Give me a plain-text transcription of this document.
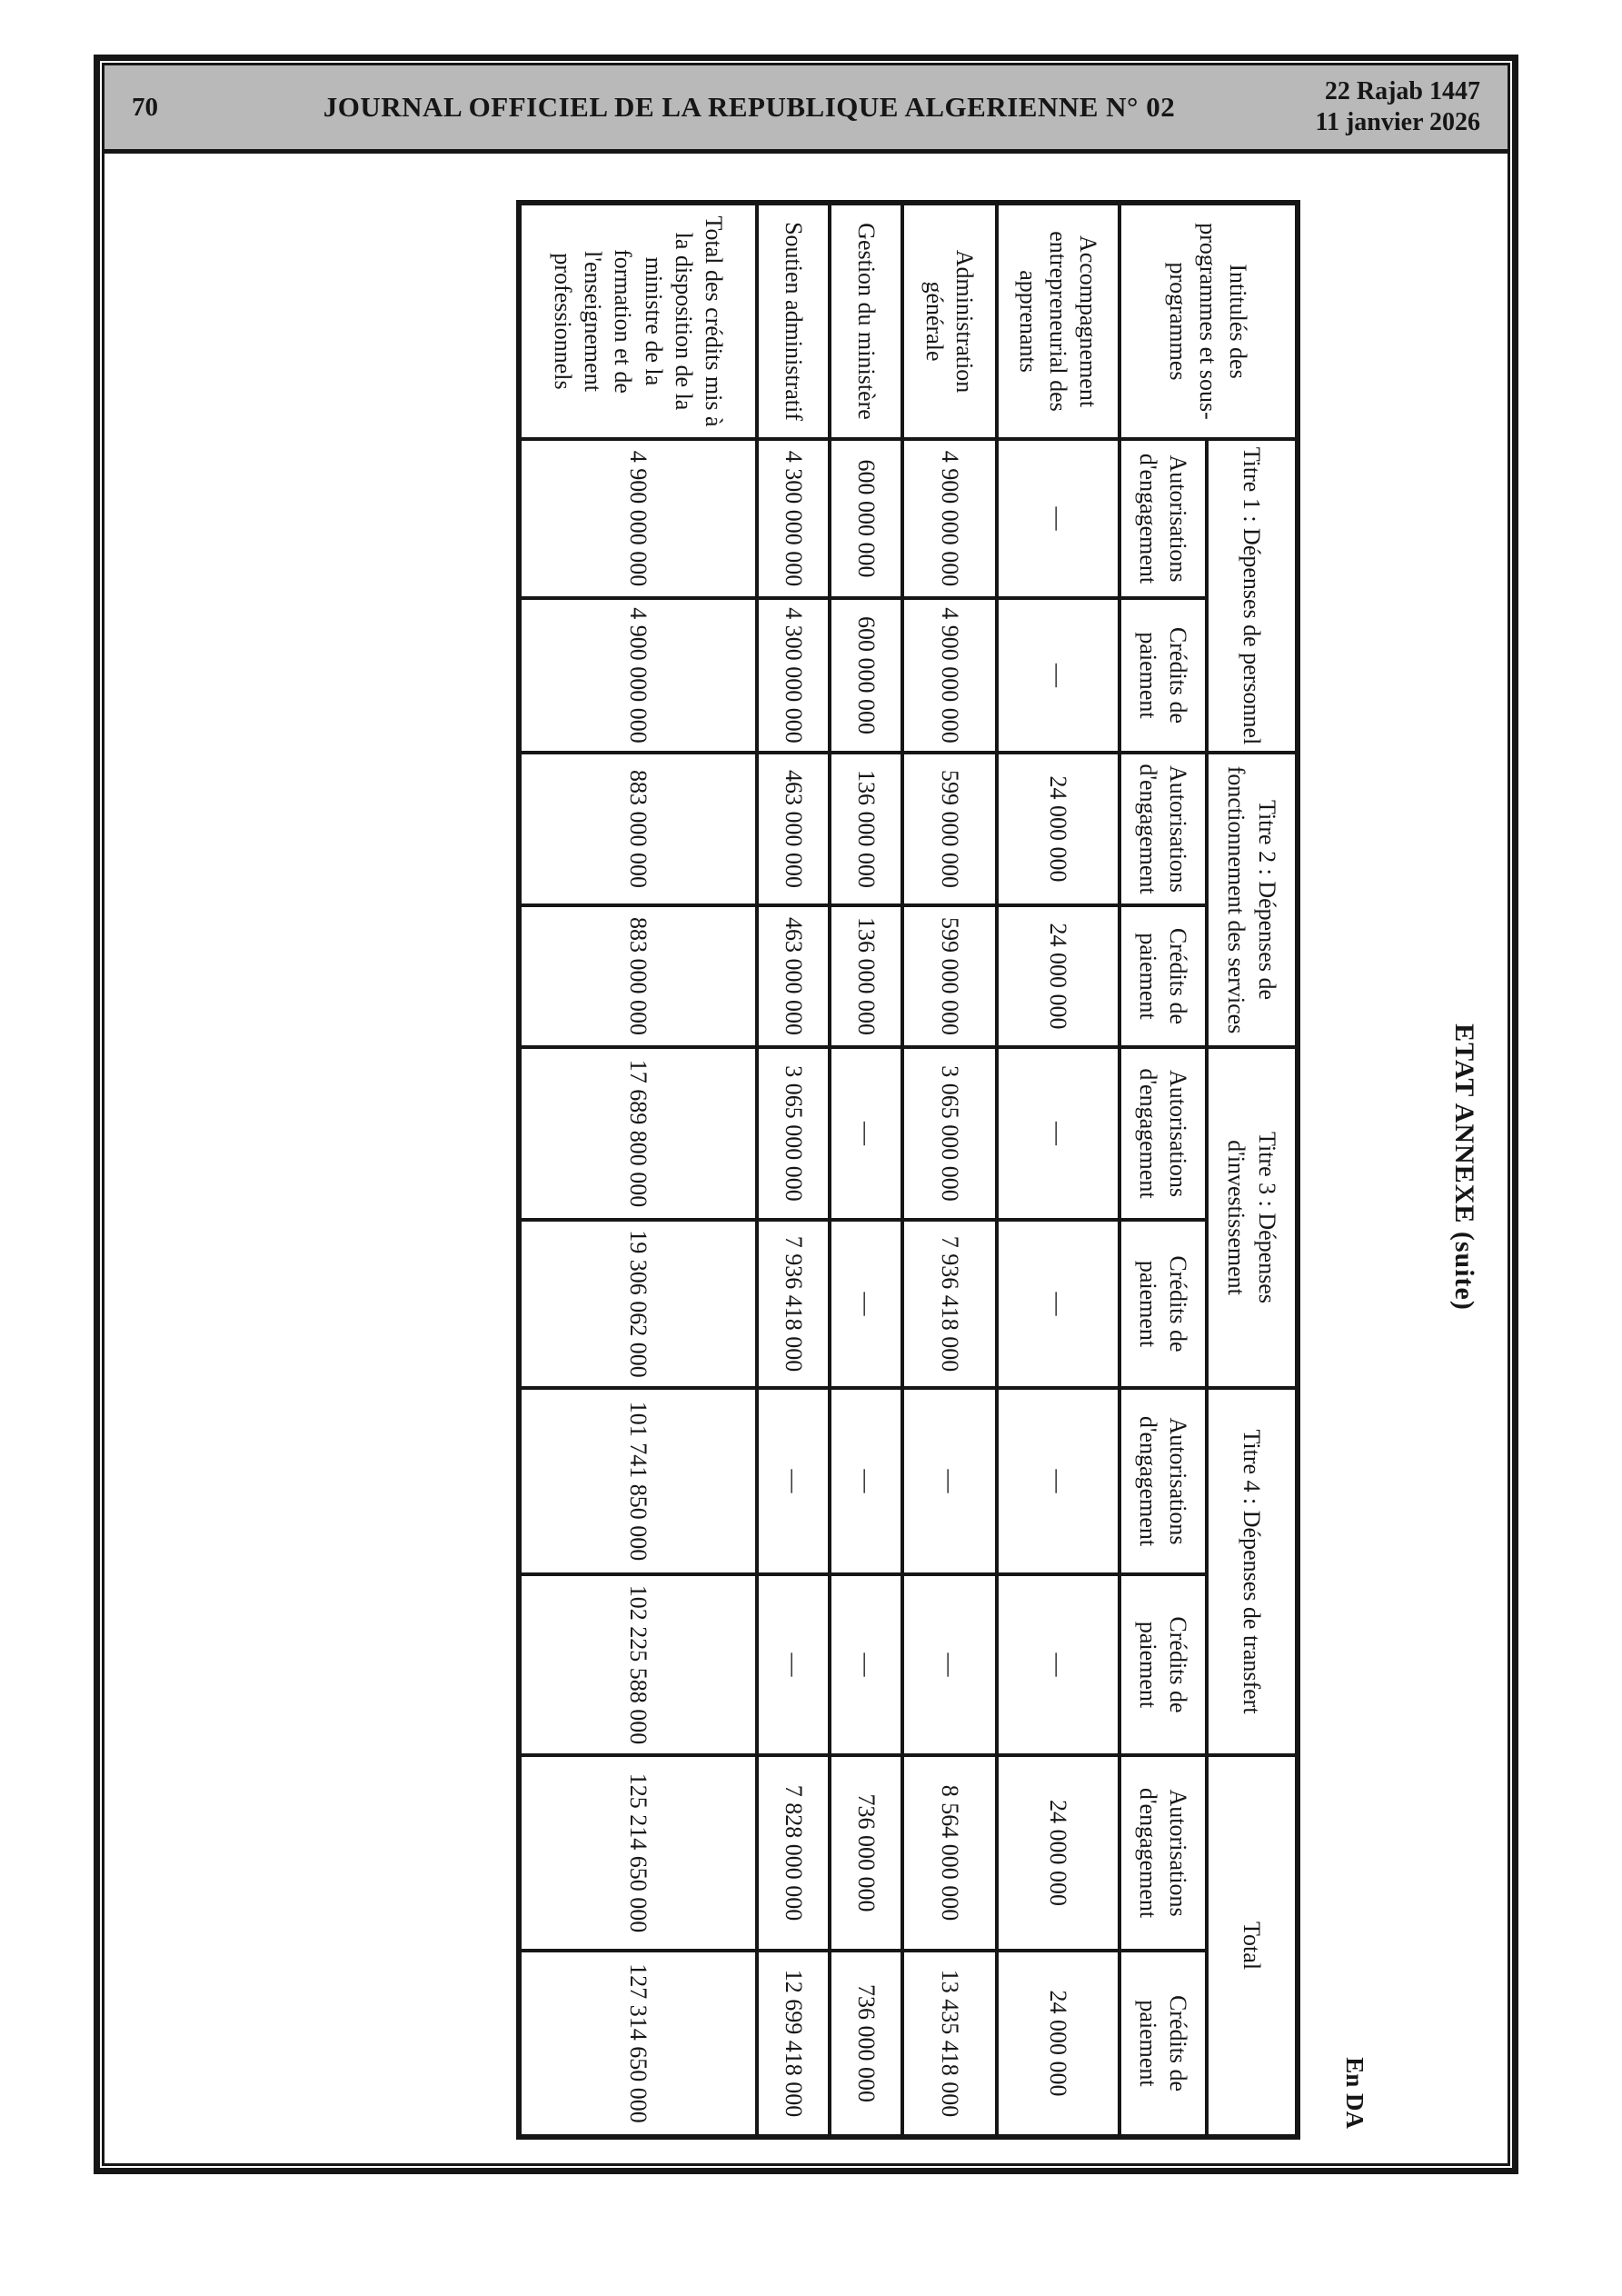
70	JOURNAL OFFICIEL DE LA REPUBLIQUE ALGERIENNE N° 02	22 Rajab 1447
11 janvier 2026
ETAT ANNEXE (suite)
En DA
Intitulés des programmes et sous-programmes	Titre 1 : Dépenses de personnel		Titre 2 : Dépenses de fonctionnement des services		Titre 3 : Dépenses d'investissement		Titre 4 : Dépenses de transfert		Total	
	Autorisations d'engagement	Crédits de paiement	Autorisations d'engagement	Crédits de paiement	Autorisations d'engagement	Crédits de paiement	Autorisations d'engagement	Crédits de paiement	Autorisations d'engagement	Crédits de paiement
Accompagnement entrepreneurial des apprenants	—	—	24 000 000	24 000 000	—	—	—	—	24 000 000	24 000 000
Administration générale	4 900 000 000	4 900 000 000	599 000 000	599 000 000	3 065 000 000	7 936 418 000	—	—	8 564 000 000	13 435 418 000
Gestion du ministère	600 000 000	600 000 000	136 000 000	136 000 000	—	—	—	—	736 000 000	736 000 000
Soutien administratif	4 300 000 000	4 300 000 000	463 000 000	463 000 000	3 065 000 000	7 936 418 000	—	—	7 828 000 000	12 699 418 000
Total des crédits mis à la disposition de la ministre de la formation et de l'enseignement professionnels	4 900 000 000	4 900 000 000	883 000 000	883 000 000	17 689 800 000	19 306 062 000	101 741 850 000	102 225 588 000	125 214 650 000	127 314 650 000
